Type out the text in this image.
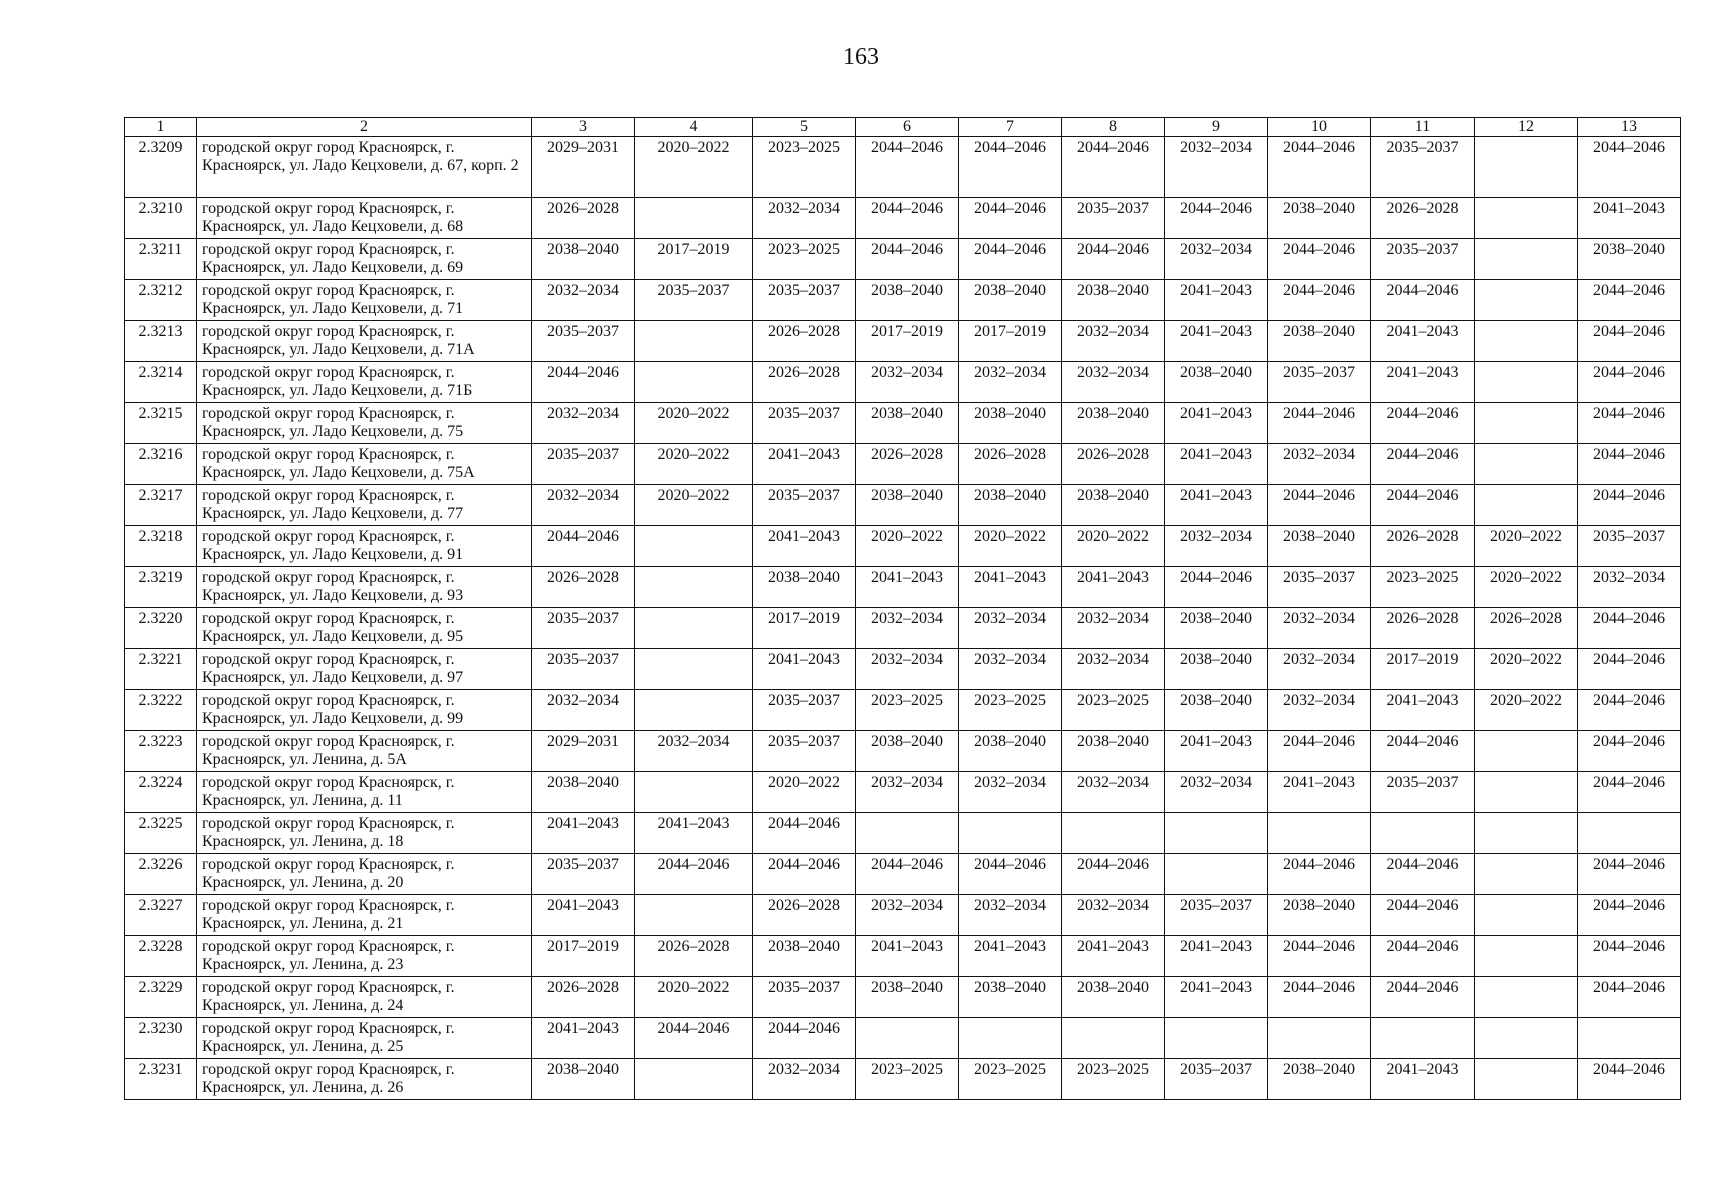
163
1	2	3	4	5	6	7	8	9	10	11	12	13
2.3209	городской округ город Красноярск, г. Красноярск, ул. Ладо Кецховели, д. 67, корп. 2	2029–2031	2020–2022	2023–2025	2044–2046	2044–2046	2044–2046	2032–2034	2044–2046	2035–2037		2044–2046
2.3210	городской округ город Красноярск, г. Красноярск, ул. Ладо Кецховели, д. 68	2026–2028		2032–2034	2044–2046	2044–2046	2035–2037	2044–2046	2038–2040	2026–2028		2041–2043
2.3211	городской округ город Красноярск, г. Красноярск, ул. Ладо Кецховели, д. 69	2038–2040	2017–2019	2023–2025	2044–2046	2044–2046	2044–2046	2032–2034	2044–2046	2035–2037		2038–2040
2.3212	городской округ город Красноярск, г. Красноярск, ул. Ладо Кецховели, д. 71	2032–2034	2035–2037	2035–2037	2038–2040	2038–2040	2038–2040	2041–2043	2044–2046	2044–2046		2044–2046
2.3213	городской округ город Красноярск, г. Красноярск, ул. Ладо Кецховели, д. 71А	2035–2037		2026–2028	2017–2019	2017–2019	2032–2034	2041–2043	2038–2040	2041–2043		2044–2046
2.3214	городской округ город Красноярск, г. Красноярск, ул. Ладо Кецховели, д. 71Б	2044–2046		2026–2028	2032–2034	2032–2034	2032–2034	2038–2040	2035–2037	2041–2043		2044–2046
2.3215	городской округ город Красноярск, г. Красноярск, ул. Ладо Кецховели, д. 75	2032–2034	2020–2022	2035–2037	2038–2040	2038–2040	2038–2040	2041–2043	2044–2046	2044–2046		2044–2046
2.3216	городской округ город Красноярск, г. Красноярск, ул. Ладо Кецховели, д. 75А	2035–2037	2020–2022	2041–2043	2026–2028	2026–2028	2026–2028	2041–2043	2032–2034	2044–2046		2044–2046
2.3217	городской округ город Красноярск, г. Красноярск, ул. Ладо Кецховели, д. 77	2032–2034	2020–2022	2035–2037	2038–2040	2038–2040	2038–2040	2041–2043	2044–2046	2044–2046		2044–2046
2.3218	городской округ город Красноярск, г. Красноярск, ул. Ладо Кецховели, д. 91	2044–2046		2041–2043	2020–2022	2020–2022	2020–2022	2032–2034	2038–2040	2026–2028	2020–2022	2035–2037
2.3219	городской округ город Красноярск, г. Красноярск, ул. Ладо Кецховели, д. 93	2026–2028		2038–2040	2041–2043	2041–2043	2041–2043	2044–2046	2035–2037	2023–2025	2020–2022	2032–2034
2.3220	городской округ город Красноярск, г. Красноярск, ул. Ладо Кецховели, д. 95	2035–2037		2017–2019	2032–2034	2032–2034	2032–2034	2038–2040	2032–2034	2026–2028	2026–2028	2044–2046
2.3221	городской округ город Красноярск, г. Красноярск, ул. Ладо Кецховели, д. 97	2035–2037		2041–2043	2032–2034	2032–2034	2032–2034	2038–2040	2032–2034	2017–2019	2020–2022	2044–2046
2.3222	городской округ город Красноярск, г. Красноярск, ул. Ладо Кецховели, д. 99	2032–2034		2035–2037	2023–2025	2023–2025	2023–2025	2038–2040	2032–2034	2041–2043	2020–2022	2044–2046
2.3223	городской округ город Красноярск, г. Красноярск, ул. Ленина, д. 5А	2029–2031	2032–2034	2035–2037	2038–2040	2038–2040	2038–2040	2041–2043	2044–2046	2044–2046		2044–2046
2.3224	городской округ город Красноярск, г. Красноярск, ул. Ленина, д. 11	2038–2040		2020–2022	2032–2034	2032–2034	2032–2034	2032–2034	2041–2043	2035–2037		2044–2046
2.3225	городской округ город Красноярск, г. Красноярск, ул. Ленина, д. 18	2041–2043	2041–2043	2044–2046								
2.3226	городской округ город Красноярск, г. Красноярск, ул. Ленина, д. 20	2035–2037	2044–2046	2044–2046	2044–2046	2044–2046	2044–2046		2044–2046	2044–2046		2044–2046
2.3227	городской округ город Красноярск, г. Красноярск, ул. Ленина, д. 21	2041–2043		2026–2028	2032–2034	2032–2034	2032–2034	2035–2037	2038–2040	2044–2046		2044–2046
2.3228	городской округ город Красноярск, г. Красноярск, ул. Ленина, д. 23	2017–2019	2026–2028	2038–2040	2041–2043	2041–2043	2041–2043	2041–2043	2044–2046	2044–2046		2044–2046
2.3229	городской округ город Красноярск, г. Красноярск, ул. Ленина, д. 24	2026–2028	2020–2022	2035–2037	2038–2040	2038–2040	2038–2040	2041–2043	2044–2046	2044–2046		2044–2046
2.3230	городской округ город Красноярск, г. Красноярск, ул. Ленина, д. 25	2041–2043	2044–2046	2044–2046								
2.3231	городской округ город Красноярск, г. Красноярск, ул. Ленина, д. 26	2038–2040		2032–2034	2023–2025	2023–2025	2023–2025	2035–2037	2038–2040	2041–2043		2044–2046
